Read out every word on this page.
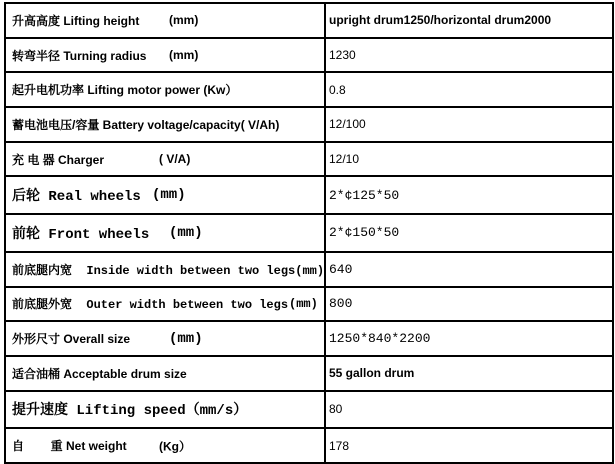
升高高度 Lifting height (mm)	upright drum1250/horizontal drum2000
转弯半径 Turning radius (mm)	1230
起升电机功率 Lifting motor power (Kw）	0.8
蓄电池电压/容量 Battery voltage/capacity( V/Ah)	12/100
充 电 器 Charger	( V/A)	12/10
后轮 Real wheels (mm)	2*¢125*50
前轮 Front wheels (mm)	2*¢150*50
前底腿内宽  Inside width between two legs(mm) 640
前底腿外宽  Outer width between two legs (mm) 800
外形尺寸 Overall size	(mm)	1250*840*2200
适合油桶 Acceptable drum size	55 gallon drum
提升速度 Lifting speed（mm/s）	80
自        重 Net weight	(Kg）	178
